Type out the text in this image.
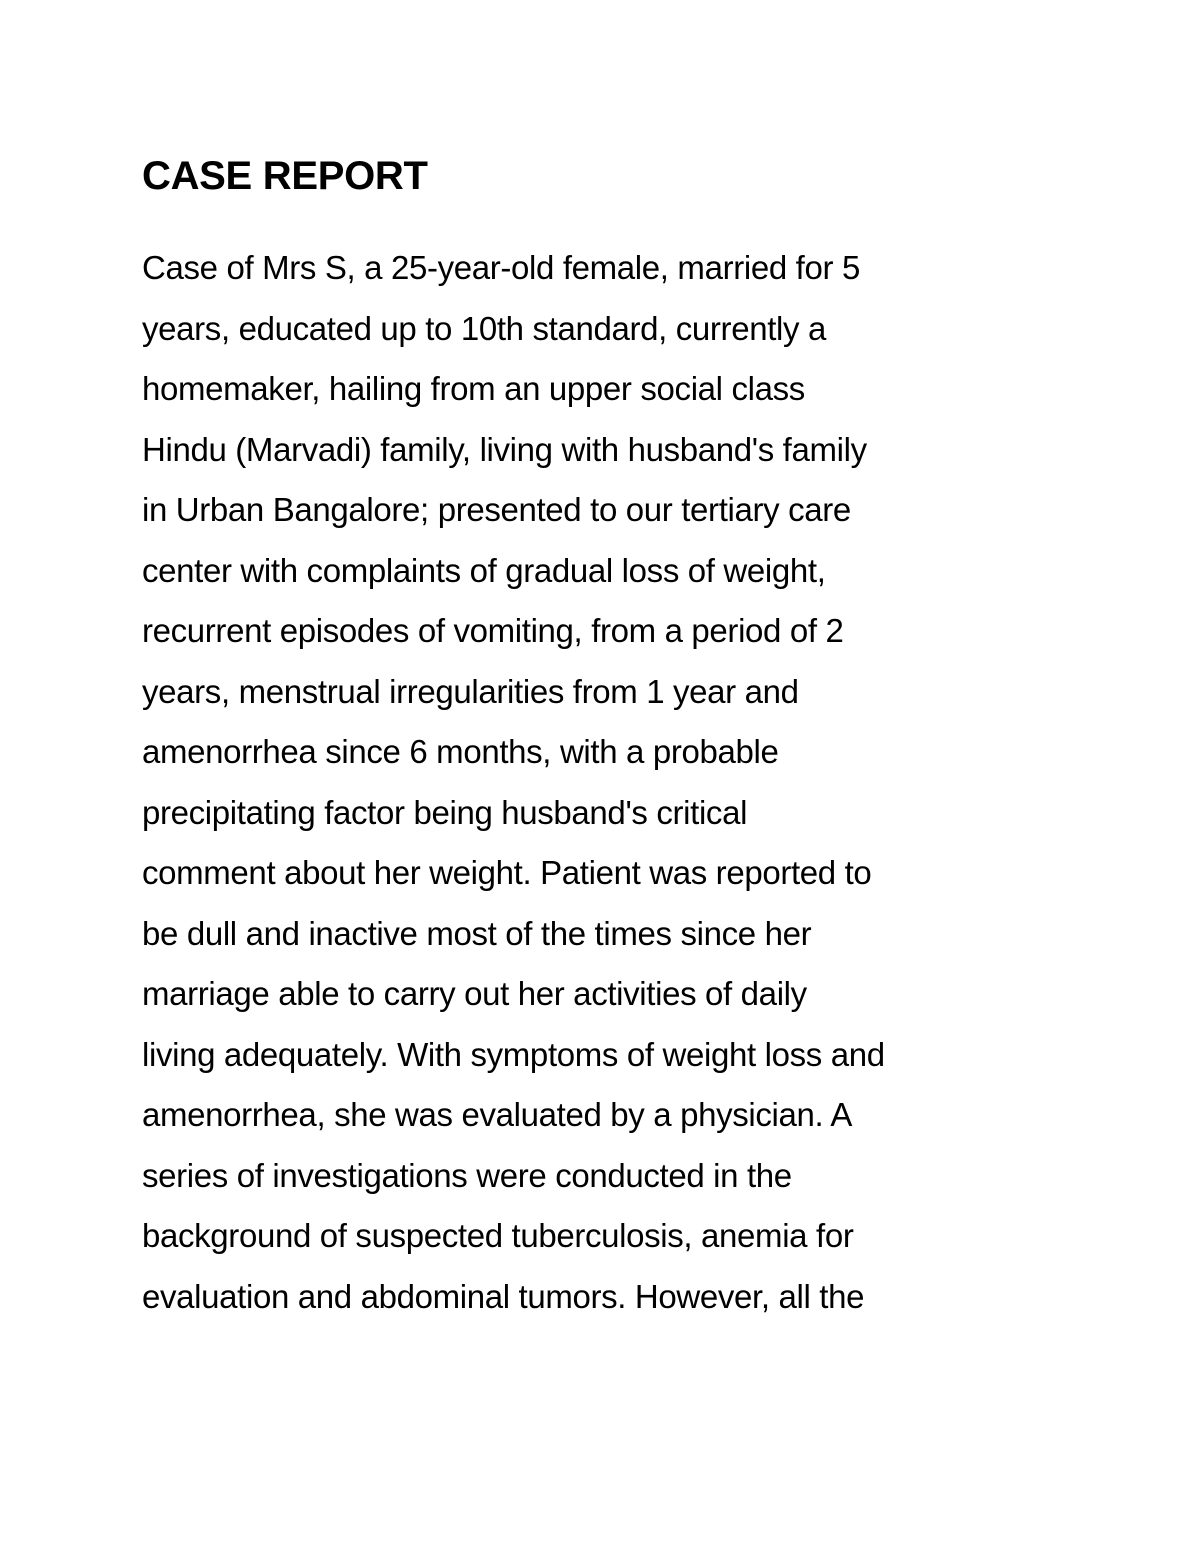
CASE REPORT
Case of Mrs S, a 25-year-old female, married for 5
years, educated up to 10th standard, currently a
homemaker, hailing from an upper social class
Hindu (Marvadi) family, living with husband's family
in Urban Bangalore; presented to our tertiary care
center with complaints of gradual loss of weight,
recurrent episodes of vomiting, from a period of 2
years, menstrual irregularities from 1 year and
amenorrhea since 6 months, with a probable
precipitating factor being husband's critical
comment about her weight. Patient was reported to
be dull and inactive most of the times since her
marriage able to carry out her activities of daily
living adequately. With symptoms of weight loss and
amenorrhea, she was evaluated by a physician. A
series of investigations were conducted in the
background of suspected tuberculosis, anemia for
evaluation and abdominal tumors. However, all the
